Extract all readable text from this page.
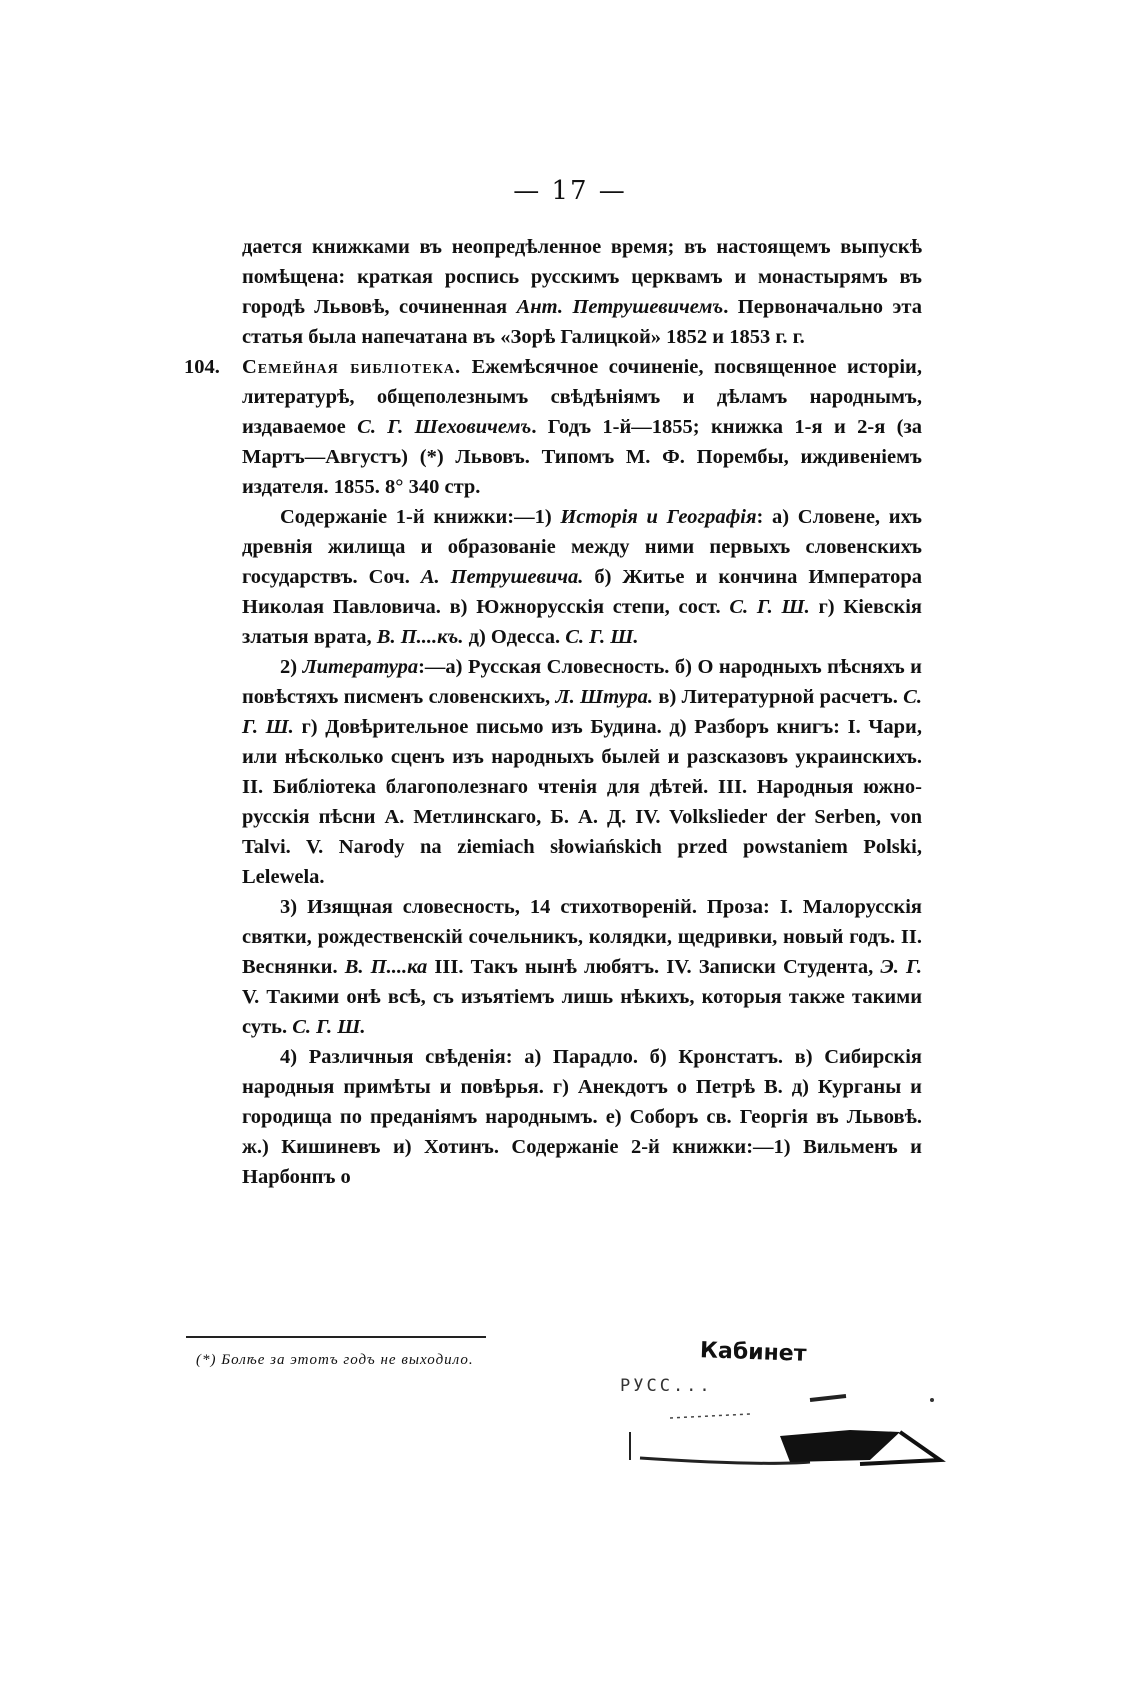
— 17 —

дается книжками въ неопредѣленное время; въ настоящемъ выпускѣ помѣщена: краткая роспись русскимъ церквамъ и монастырямъ въ городѣ Львовѣ, сочиненная Ант. Петрушевичемъ. Первоначально эта статья была напечатана въ «Зорѣ Галицкой» 1852 и 1853 г. г.

104. Семейная библіотека. Ежемѣсячное сочиненіе, посвященное исторіи, литературѣ, общеполезнымъ свѣдѣніямъ и дѣламъ народнымъ, издаваемое С. Г. Шеховичемъ. Годъ 1-й—1855; книжка 1-я и 2-я (за Мартъ—Августъ) (*) Львовъ. Типомъ М. Ф. Порембы, иждивеніемъ издателя. 1855. 8° 340 стр.

Содержаніе 1-й книжки:—1) Исторія и Географія: а) Словене, ихъ древнія жилища и образованіе между ними первыхъ словенскихъ государствъ. Соч. А. Петрушевича. б) Житье и кончина Императора Николая Павловича. в) Южнорусскія степи, сост. С. Г. Ш. г) Кіевскія златыя врата, В. П....къ. д) Одесса. С. Г. Ш.

2) Литература:—а) Русская Словесность. б) О народныхъ пѣсняхъ и повѣстяхъ писменъ словенскихъ, Л. Штура. в) Литературной расчетъ. С. Г. Ш. г) Довѣрительное письмо изъ Будина. д) Разборъ книгъ: I. Чари, или нѣсколько сценъ изъ народныхъ былей и разсказовъ украинскихъ. II. Библіотека благополезнаго чтенія для дѣтей. III. Народныя южно-русскія пѣсни А. Метлинскаго, Б. А. Д. IV. Volkslieder der Serben, von Talvi. V. Narody na ziemiach słowiańskich przed powstaniem Polski, Lelewela.

3) Изящная словесность, 14 стихотвореній. Проза: I. Малорусскія святки, рождественскій сочельникъ, колядки, щедривки, новый годъ. II. Веснянки. В. П....ка III. Такъ нынѣ любятъ. IV. Записки Студента, Э. Г. V. Такими онѣ всѣ, съ изъятіемъ лишь нѣкихъ, которыя также такими суть. С. Г. Ш.

4) Различныя свѣденія: а) Парадло. б) Кронстатъ. в) Сибирскія народныя примѣты и повѣрья. г) Анекдотъ о Петрѣ В. д) Курганы и городища по преданіямъ народнымъ. е) Соборъ св. Георгія въ Львовѣ. ж.) Кишиневъ и) Хотинъ. Содержаніе 2-й книжки:—1) Вильменъ и Нарбонпъ о

(*) Болѣе за этотъ годъ не выходило.	Кабинет
РУСС...
